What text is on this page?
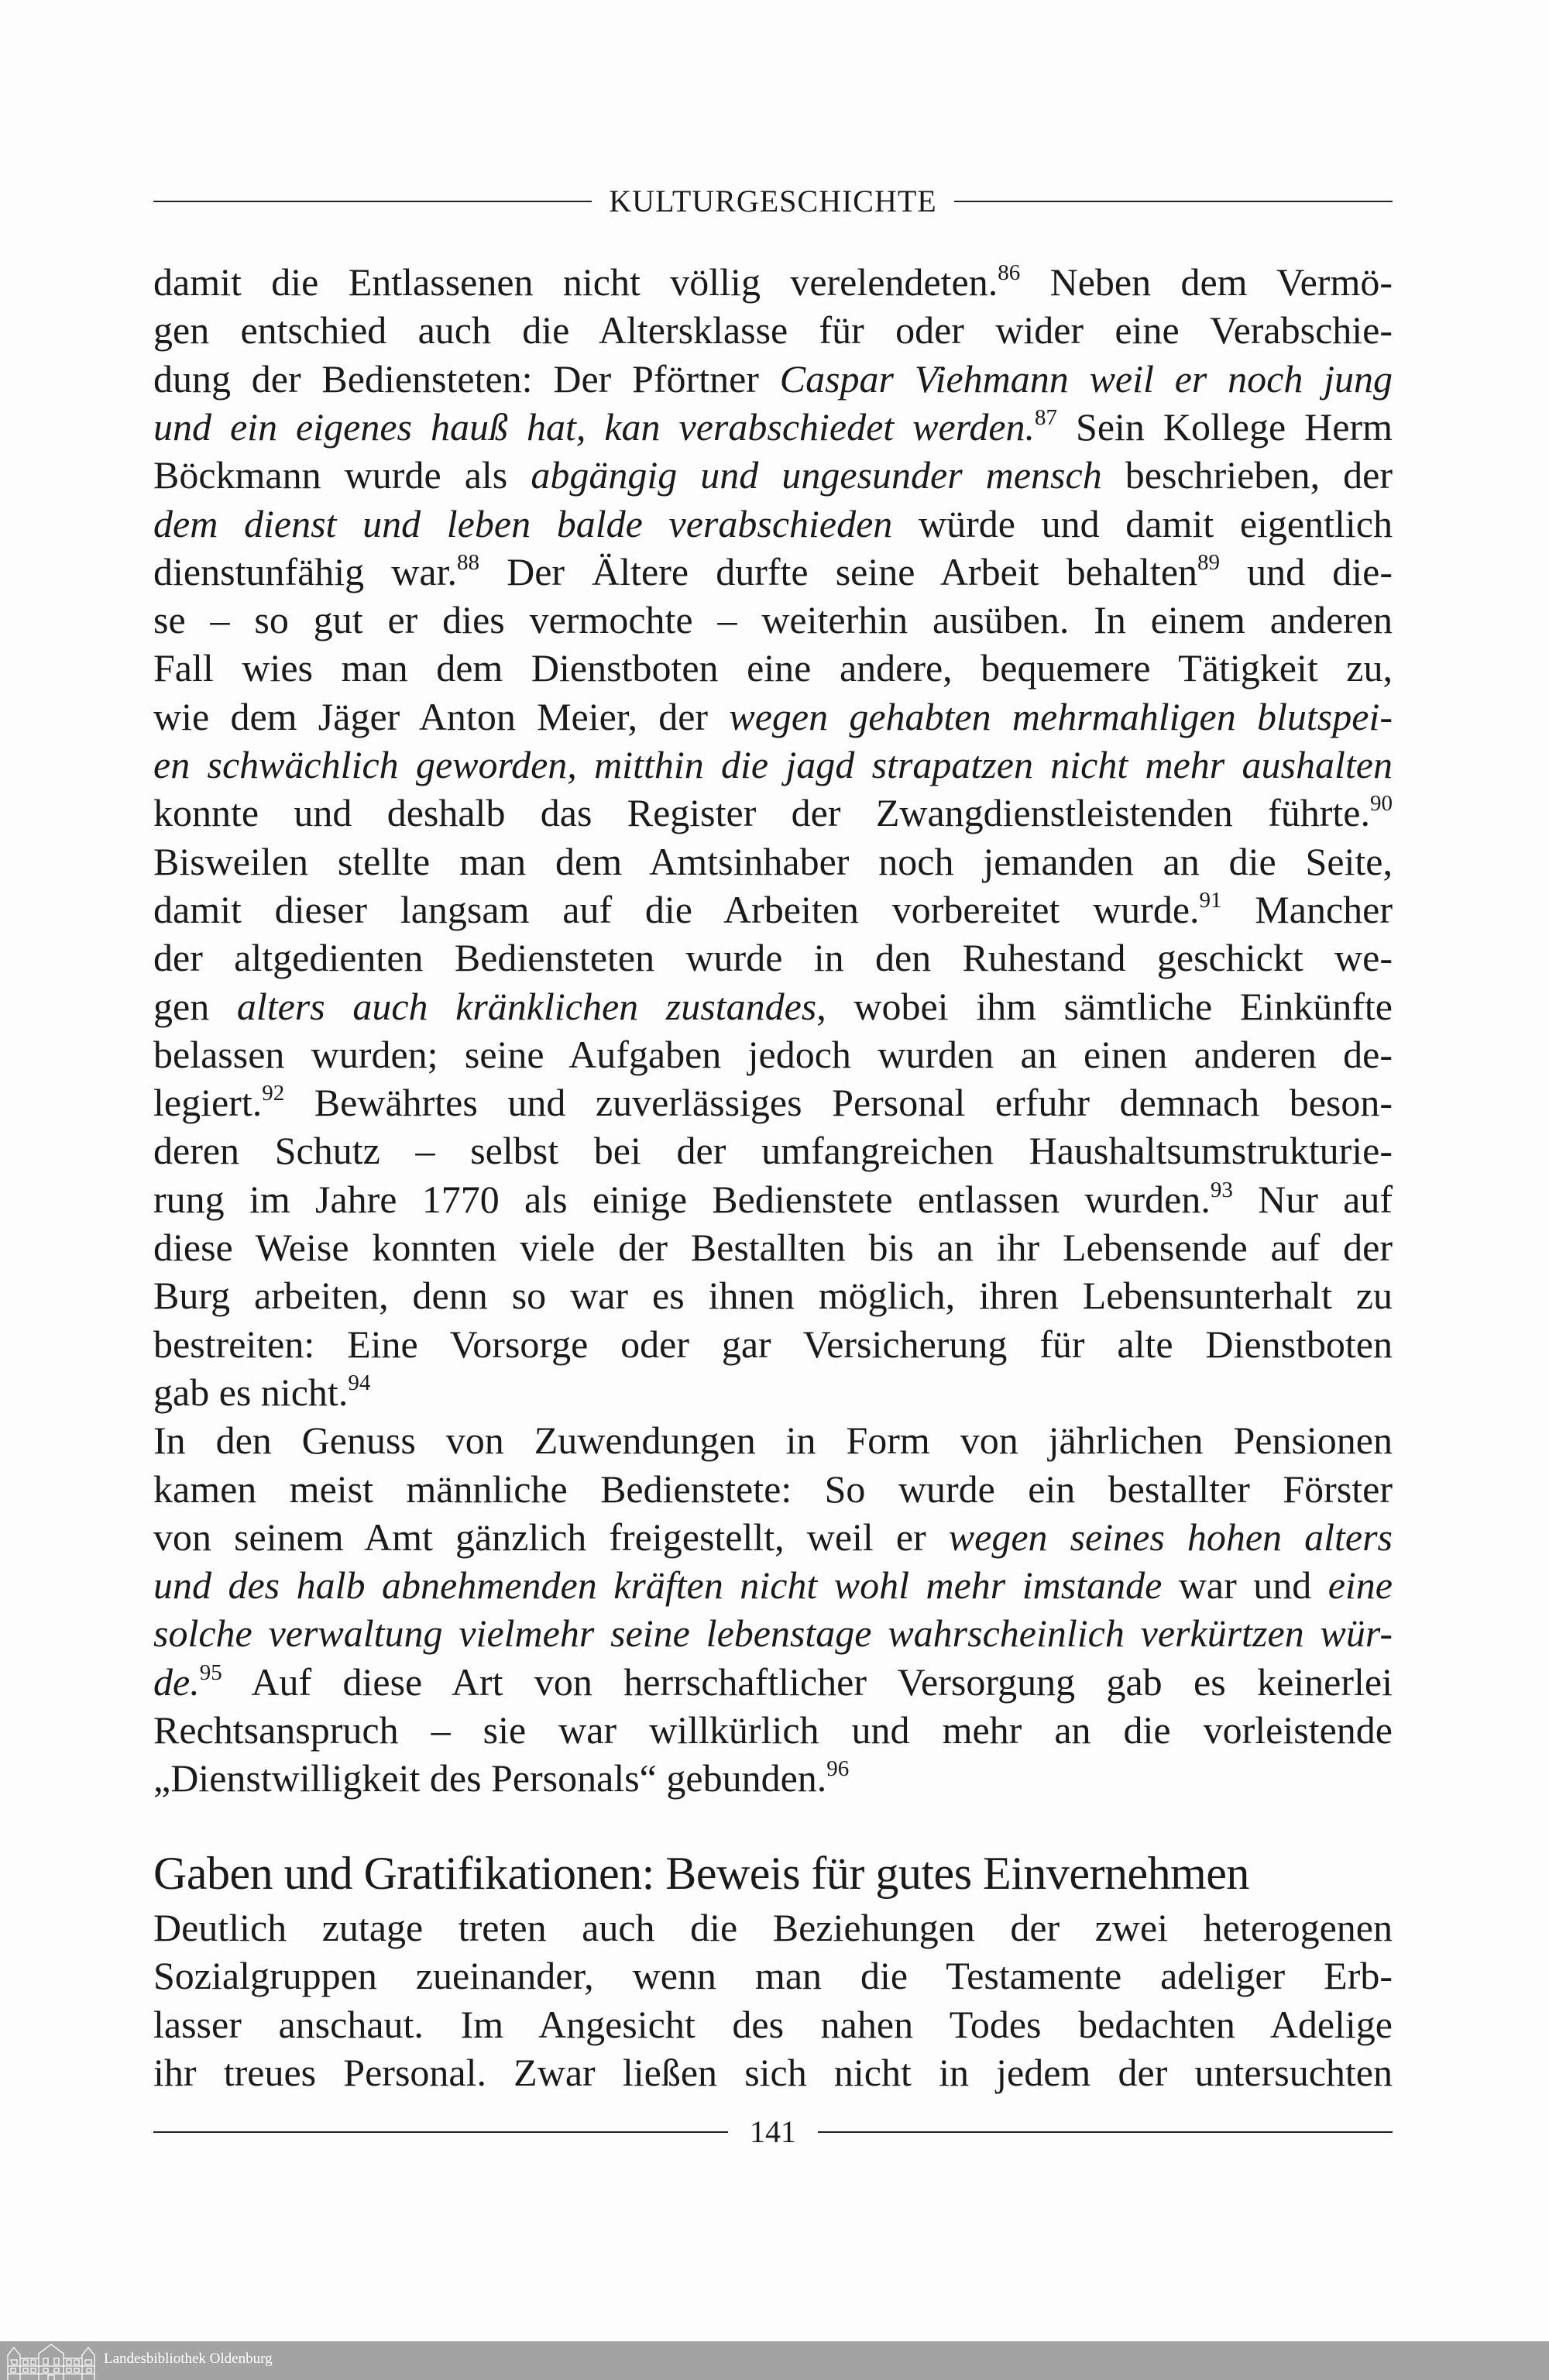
KULTURGESCHICHTE
damit die Entlassenen nicht völlig verelendeten.$^{86}$ Neben dem Vermö-
gen entschied auch die Altersklasse für oder wider eine Verabschie-
dung der Bediensteten: Der Pförtner Caspar Viehmann weil er noch jung
und ein eigenes hauß hat, kan verabschiedet werden.$^{87}$ Sein Kollege Herm
Böckmann wurde als abgängig und ungesunder mensch beschrieben, der
dem dienst und leben balde verabschieden würde und damit eigentlich
dienstunfähig war.$^{88}$ Der Ältere durfte seine Arbeit behalten$^{89}$ und die-
se – so gut er dies vermochte – weiterhin ausüben. In einem anderen
Fall wies man dem Dienstboten eine andere, bequemere Tätigkeit zu,
wie dem Jäger Anton Meier, der wegen gehabten mehrmahligen blutspei-
en schwächlich geworden, mitthin die jagd strapatzen nicht mehr aushalten
konnte und deshalb das Register der Zwangdienstleistenden führte.$^{90}$
Bisweilen stellte man dem Amtsinhaber noch jemanden an die Seite,
damit dieser langsam auf die Arbeiten vorbereitet wurde.$^{91}$ Mancher
der altgedienten Bediensteten wurde in den Ruhestand geschickt we-
gen alters auch kränklichen zustandes, wobei ihm sämtliche Einkünfte
belassen wurden; seine Aufgaben jedoch wurden an einen anderen de-
legiert.$^{92}$ Bewährtes und zuverlässiges Personal erfuhr demnach beson-
deren Schutz – selbst bei der umfangreichen Haushaltsumstrukturie-
rung im Jahre 1770 als einige Bedienstete entlassen wurden.$^{93}$ Nur auf
diese Weise konnten viele der Bestallten bis an ihr Lebensende auf der
Burg arbeiten, denn so war es ihnen möglich, ihren Lebensunterhalt zu
bestreiten: Eine Vorsorge oder gar Versicherung für alte Dienstboten
gab es nicht.$^{94}$
In den Genuss von Zuwendungen in Form von jährlichen Pensionen
kamen meist männliche Bedienstete: So wurde ein bestallter Förster
von seinem Amt gänzlich freigestellt, weil er wegen seines hohen alters
und des halb abnehmenden kräften nicht wohl mehr imstande war und eine
solche verwaltung vielmehr seine lebenstage wahrscheinlich verkürtzen wür-
de.$^{95}$ Auf diese Art von herrschaftlicher Versorgung gab es keinerlei
Rechtsanspruch – sie war willkürlich und mehr an die vorleistende
„Dienstwilligkeit des Personals“ gebunden.$^{96}$
Gaben und Gratifikationen: Beweis für gutes Einvernehmen
Deutlich zutage treten auch die Beziehungen der zwei heterogenen
Sozialgruppen zueinander, wenn man die Testamente adeliger Erb-
lasser anschaut. Im Angesicht des nahen Todes bedachten Adelige
ihr treues Personal. Zwar ließen sich nicht in jedem der untersuchten
141
Landesbibliothek Oldenburg
